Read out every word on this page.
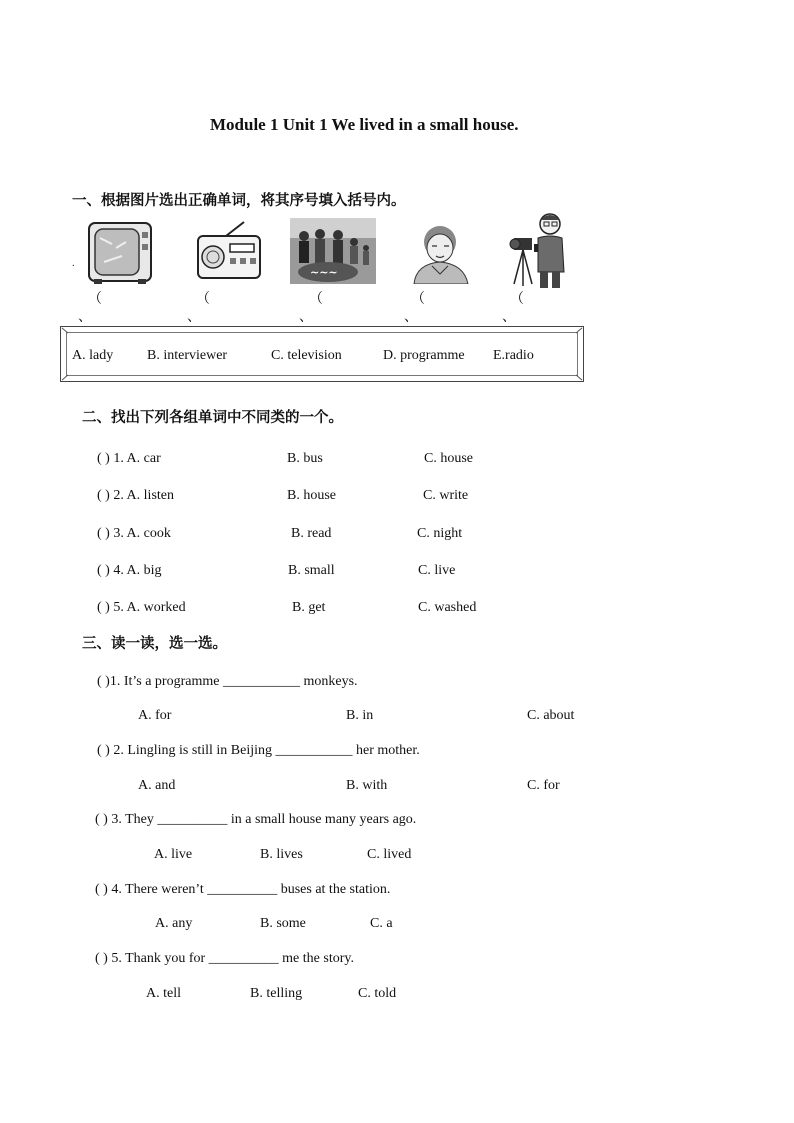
Module 1 Unit 1 We lived in a small house.
一、根据图片选出正确单词，将其序号填入括号内。
.
~~~
（	（	（	（	（
、	、	、	、	、
A. lady B. interviewer	C. television	D. programme E.radio
二、找出下列各组单词中不同类的一个。
( ) 1. A. car	B. bus	C. house
( ) 2. A. listen	B. house	C. write
( ) 3. A. cook	B. read	C. night
( ) 4. A. big	B. small	C. live
( ) 5. A. worked	B. get	C. washed
三、读一读，选一选。
( )1. It’s a programme ___________ monkeys.
A. for	B. in	C. about
( ) 2. Lingling is still in Beijing ___________ her mother.
A. and	B. with	C. for
( ) 3. They __________ in a small house many years ago.
A. live	B. lives	C. lived
( ) 4. There weren’t __________ buses at the station.
A. any	B. some	C. a
( ) 5. Thank you for __________ me the story.
A. tell	B. telling	C. told
